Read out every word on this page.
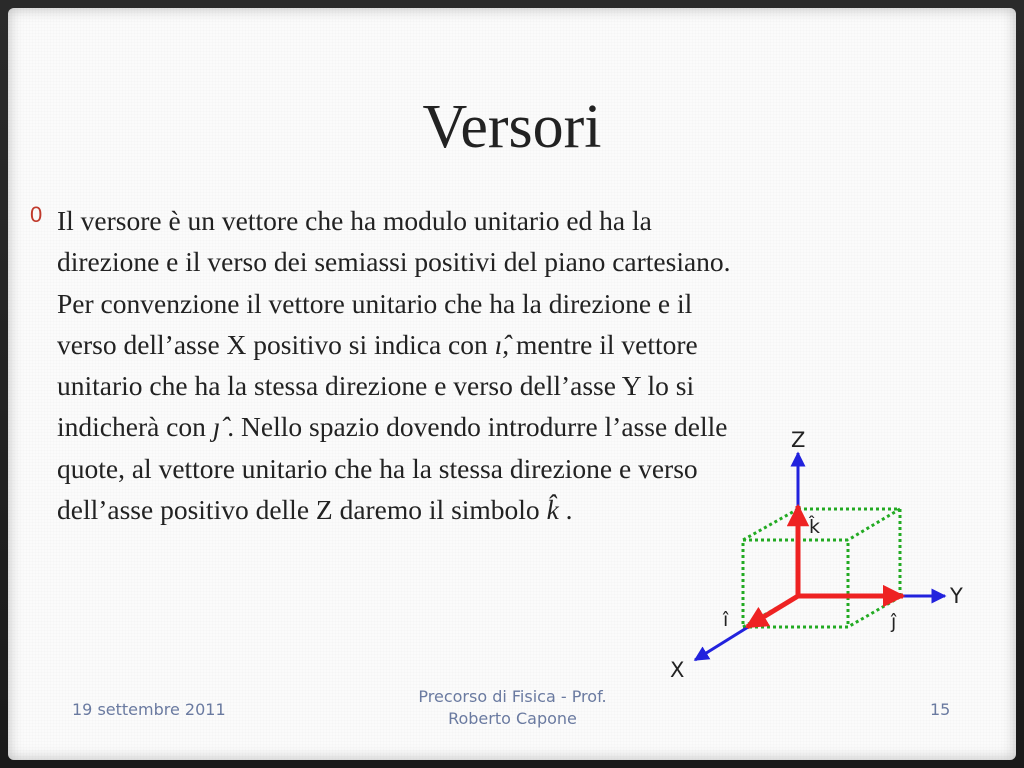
Versori
0 Il versore è un vettore che ha modulo unitario ed ha la direzione e il verso dei semiassi positivi del piano cartesiano. Per convenzione il vettore unitario che ha la direzione e il verso dell’asse X positivo si indica con ı̂, mentre il vettore unitario che ha la stessa direzione e verso dell’asse Y lo si indicherà con ȷ̂ . Nello spazio dovendo introdurre l’asse delle quote, al vettore unitario che ha la stessa direzione e verso dell’asse positivo delle Z daremo il simbolo k̂ .

Z
Y
X
k̂
ĵ
î
19 settembre 2011
Precorso di Fisica - Prof.
Roberto Capone	15
